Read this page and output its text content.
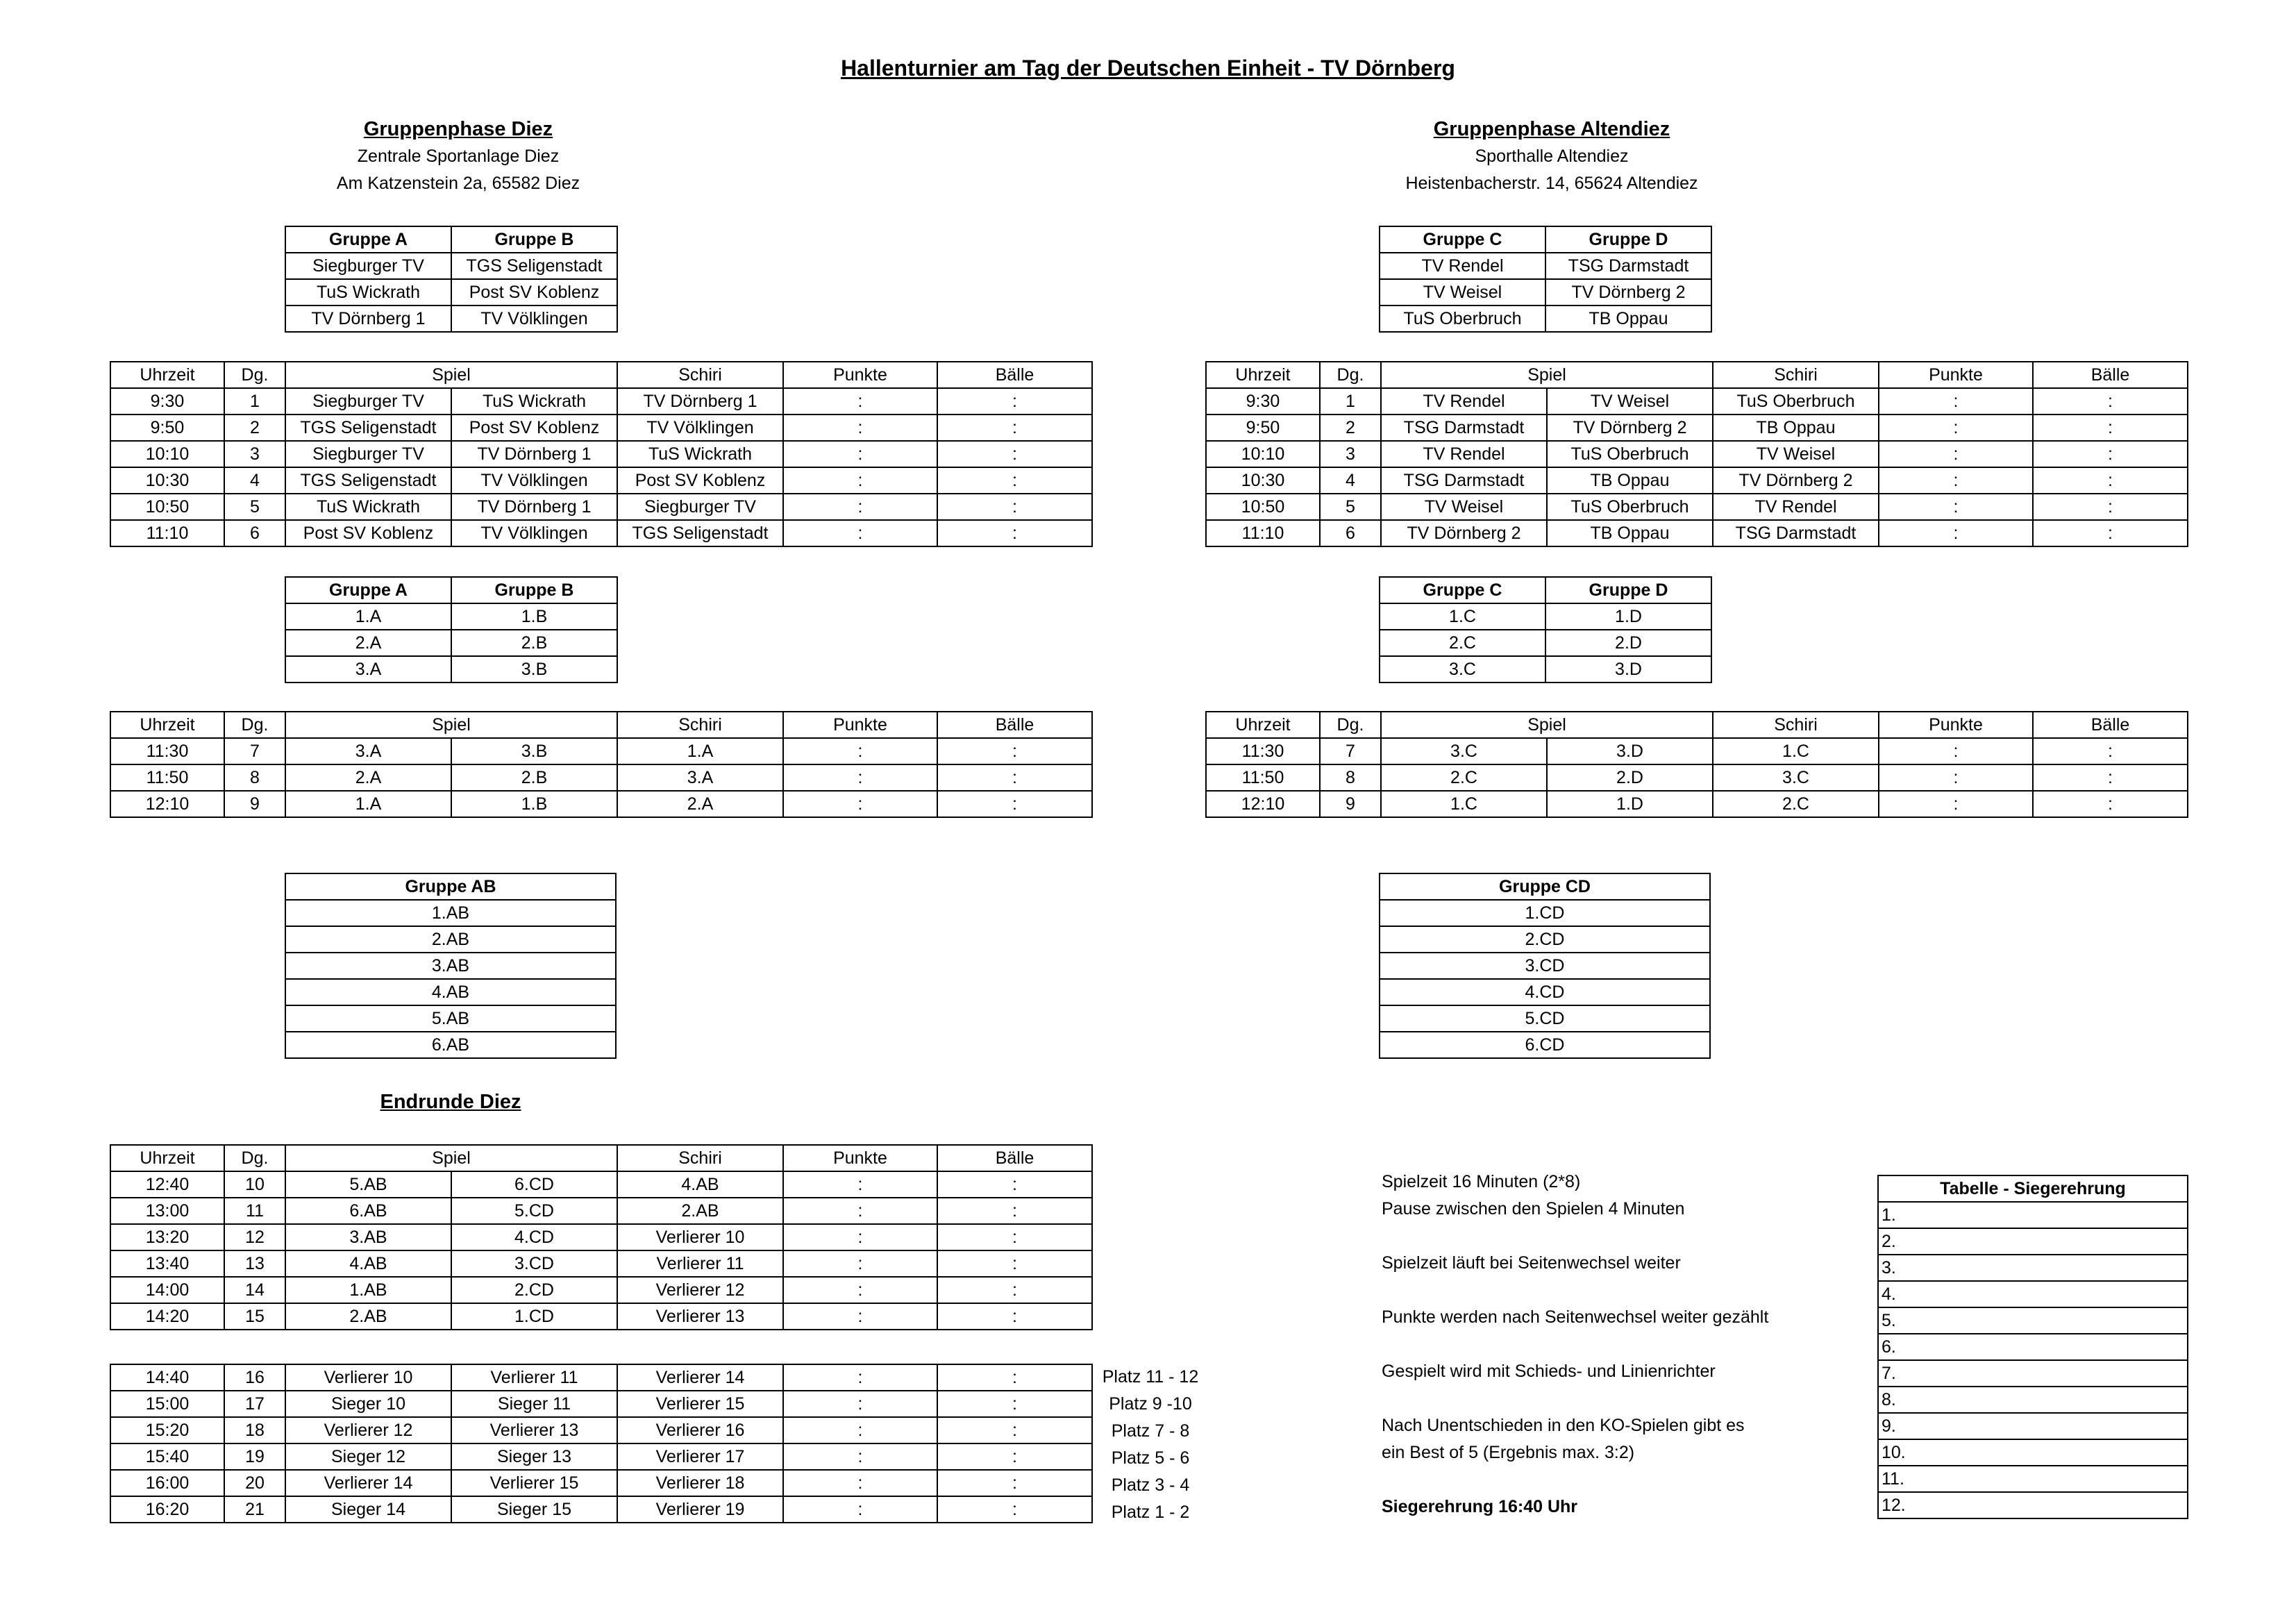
Hallenturnier am Tag der Deutschen Einheit - TV Dörnberg
Gruppenphase Diez
Zentrale Sportanlage Diez
Am Katzenstein 2a, 65582 Diez
Gruppenphase Altendiez
Sporthalle Altendiez
Heistenbacherstr. 14, 65624 Altendiez
Gruppe A	Gruppe B
Siegburger TV	TGS Seligenstadt
TuS Wickrath	Post SV Koblenz
TV Dörnberg 1	TV Völklingen
Gruppe C	Gruppe D
TV Rendel	TSG Darmstadt
TV Weisel	TV Dörnberg 2
TuS Oberbruch	TB Oppau
Uhrzeit	Dg.	Spiel		Schiri	Punkte	Bälle
9:30	1	Siegburger TV	TuS Wickrath	TV Dörnberg 1	:	:
9:50	2	TGS Seligenstadt	Post SV Koblenz	TV Völklingen	:	:
10:10	3	Siegburger TV	TV Dörnberg 1	TuS Wickrath	:	:
10:30	4	TGS Seligenstadt	TV Völklingen	Post SV Koblenz	:	:
10:50	5	TuS Wickrath	TV Dörnberg 1	Siegburger TV	:	:
11:10	6	Post SV Koblenz	TV Völklingen	TGS Seligenstadt	:	:
Uhrzeit	Dg.	Spiel		Schiri	Punkte	Bälle
9:30	1	TV Rendel	TV Weisel	TuS Oberbruch	:	:
9:50	2	TSG Darmstadt	TV Dörnberg 2	TB Oppau	:	:
10:10	3	TV Rendel	TuS Oberbruch	TV Weisel	:	:
10:30	4	TSG Darmstadt	TB Oppau	TV Dörnberg 2	:	:
10:50	5	TV Weisel	TuS Oberbruch	TV Rendel	:	:
11:10	6	TV Dörnberg 2	TB Oppau	TSG Darmstadt	:	:
Gruppe A	Gruppe B
1.A	1.B
2.A	2.B
3.A	3.B
Gruppe C	Gruppe D
1.C	1.D
2.C	2.D
3.C	3.D
Uhrzeit	Dg.	Spiel		Schiri	Punkte	Bälle
11:30	7	3.A	3.B	1.A	:	:
11:50	8	2.A	2.B	3.A	:	:
12:10	9	1.A	1.B	2.A	:	:
Uhrzeit	Dg.	Spiel		Schiri	Punkte	Bälle
11:30	7	3.C	3.D	1.C	:	:
11:50	8	2.C	2.D	3.C	:	:
12:10	9	1.C	1.D	2.C	:	:
Gruppe AB
1.AB
2.AB
3.AB
4.AB
5.AB
6.AB
Gruppe CD
1.CD
2.CD
3.CD
4.CD
5.CD
6.CD
Endrunde Diez
Uhrzeit	Dg.	Spiel		Schiri	Punkte	Bälle
12:40	10	5.AB	6.CD	4.AB	:	:
13:00	11	6.AB	5.CD	2.AB	:	:
13:20	12	3.AB	4.CD	Verlierer 10	:	:
13:40	13	4.AB	3.CD	Verlierer 11	:	:
14:00	14	1.AB	2.CD	Verlierer 12	:	:
14:20	15	2.AB	1.CD	Verlierer 13	:	:
14:40	16	Verlierer 10	Verlierer 11	Verlierer 14	:	:
15:00	17	Sieger 10	Sieger 11	Verlierer 15	:	:
15:20	18	Verlierer 12	Verlierer 13	Verlierer 16	:	:
15:40	19	Sieger 12	Sieger 13	Verlierer 17	:	:
16:00	20	Verlierer 14	Verlierer 15	Verlierer 18	:	:
16:20	21	Sieger 14	Sieger 15	Verlierer 19	:	:
Platz 11 - 12
Platz 9 -10
Platz 7 - 8
Platz 5 - 6
Platz 3 - 4
Platz 1 - 2
Spielzeit 16 Minuten (2*8)
Pause zwischen den Spielen 4 Minuten
Spielzeit läuft bei Seitenwechsel weiter
Punkte werden nach Seitenwechsel weiter gezählt
Gespielt wird mit Schieds- und Linienrichter
Nach Unentschieden in den KO-Spielen gibt es
ein Best of 5 (Ergebnis max. 3:2)
Siegerehrung 16:40 Uhr
Tabelle - Siegerehrung
1.
2.
3.
4.
5.
6.
7.
8.
9.
10.
11.
12.
